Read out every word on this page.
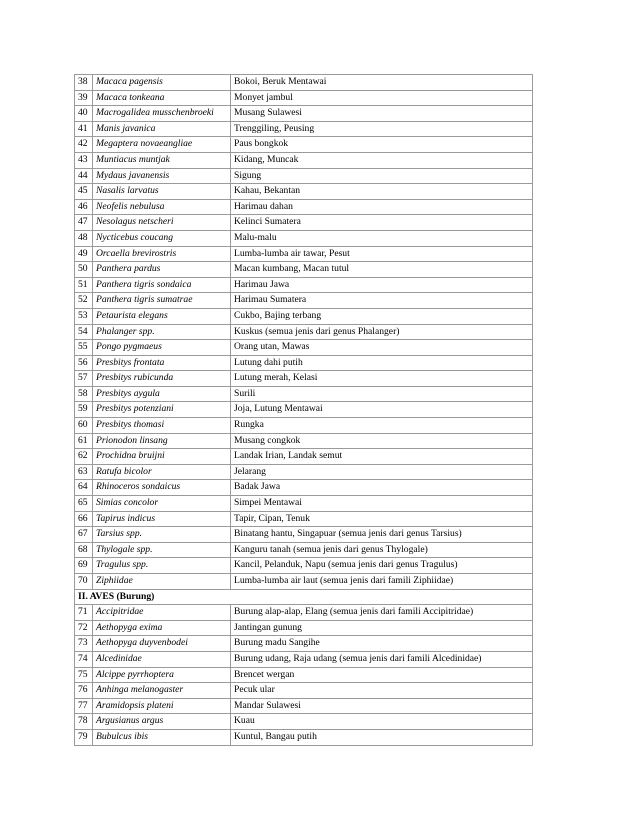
38	Macaca pagensis	Bokoi, Beruk Mentawai
39	Macaca tonkeana	Monyet jambul
40	Macrogalidea musschenbroeki	Musang Sulawesi
41	Manis javanica	Trenggiling, Peusing
42	Megaptera novaeangliae	Paus bongkok
43	Muntiacus muntjak	Kidang, Muncak
44	Mydaus javanensis	Sigung
45	Nasalis larvatus	Kahau, Bekantan
46	Neofelis nebulusa	Harimau dahan
47	Nesolagus netscheri	Kelinci Sumatera
48	Nycticebus coucang	Malu-malu
49	Orcaella brevirostris	Lumba-lumba air tawar, Pesut
50	Panthera pardus	Macan kumbang, Macan tutul
51	Panthera tigris sondaica	Harimau Jawa
52	Panthera tigris sumatrae	Harimau Sumatera
53	Petaurista elegans	Cukbo, Bajing terbang
54	Phalanger spp.	Kuskus (semua jenis dari genus Phalanger)
55	Pongo pygmaeus	Orang utan, Mawas
56	Presbitys frontata	Lutung dahi putih
57	Presbitys rubicunda	Lutung merah, Kelasi
58	Presbitys aygula	Surili
59	Presbitys potenziani	Joja, Lutung Mentawai
60	Presbitys thomasi	Rungka
61	Prionodon linsang	Musang congkok
62	Prochidna bruijni	Landak Irian, Landak semut
63	Ratufa bicolor	Jelarang
64	Rhinoceros sondaicus	Badak Jawa
65	Simias concolor	Simpei Mentawai
66	Tapirus indicus	Tapir, Cipan, Tenuk
67	Tarsius spp.	Binatang hantu, Singapuar (semua jenis dari genus Tarsius)
68	Thylogale spp.	Kanguru tanah (semua jenis dari genus Thylogale)
69	Tragulus spp.	Kancil, Pelanduk, Napu (semua jenis dari genus Tragulus)
70	Ziphiidae	Lumba-lumba air laut (semua jenis dari famili Ziphiidae)
II. AVES (Burung)		
71	Accipitridae	Burung alap-alap, Elang (semua jenis dari famili Accipitridae)
72	Aethopyga exima	Jantingan gunung
73	Aethopyga duyvenbodei	Burung madu Sangihe
74	Alcedinidae	Burung udang, Raja udang (semua jenis dari famili Alcedinidae)
75	Alcippe pyrrhoptera	Brencet wergan
76	Anhinga melanogaster	Pecuk ular
77	Aramidopsis plateni	Mandar Sulawesi
78	Argusianus argus	Kuau
79	Bubulcus ibis	Kuntul, Bangau putih
